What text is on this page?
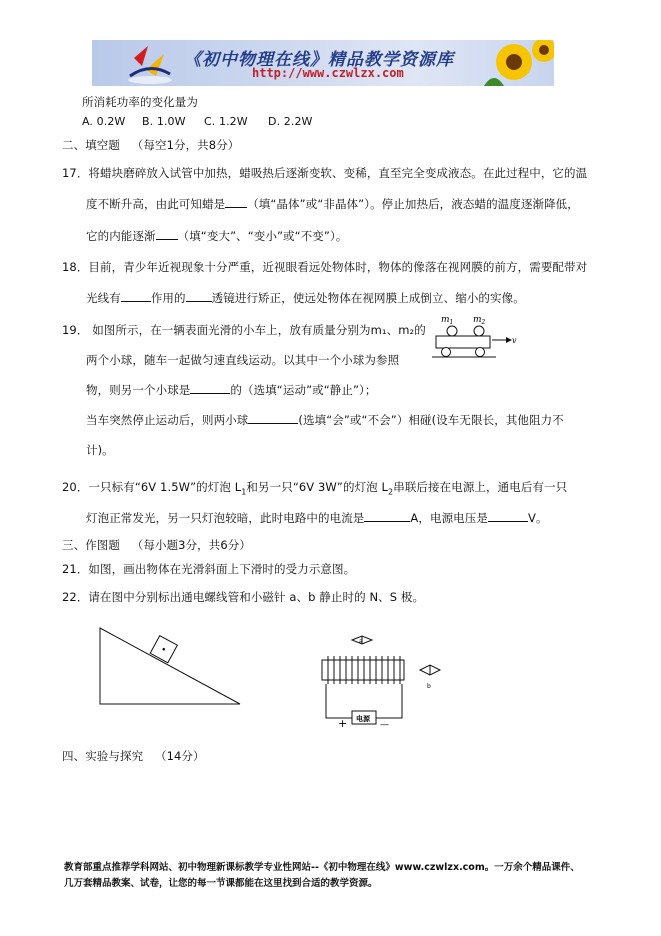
《初中物理在线》精品教学资源库
http://www.czwlzx.com
所消耗功率的变化量为
A. 0.2W B. 1.0W C. 1.2W D. 2.2W
二、填空题 （每空1分，共8分）
17．将蜡块磨碎放入试管中加热，蜡吸热后逐渐变软、变稀，直至完全变成液态。在此过程中，它的温
度不断升高，由此可知蜡是 （填“晶体”或“非晶体”）。停止加热后，液态蜡的温度逐渐降低，
它的内能逐渐 （填“变大”、“变小”或“不变”）。
18．目前，青少年近视现象十分严重，近视眼看远处物体时，物体的像落在视网膜的前方，需要配带对
光线有	作用的 透镜进行矫正，使远处物体在视网膜上成倒立、缩小的实像。
19． 如图所示，在一辆表面光滑的小车上，放有质量分别为m₁、m₂的
两个小球，随车一起做匀速直线运动。以其中一个小球为参照
物，则另一个小球是	的（选填“运动”或“静止”）；
当车突然停止运动后，则两小球	(选填“会”或“不会”）相碰(设车无限长，其他阻力不
计)。
$m_1$ $m_2$
v
20．一只标有“6V 1.5W”的灯泡 $L_1$和另一只“6V 3W”的灯泡 $L_2$串联后接在电源上，通电后有一只
灯泡正常发光，另一只灯泡较暗，此时电路中的电流是	A，电源电压是	V。
三、作图题 （每小题3分，共6分）
21．如图，画出物体在光滑斜面上下滑时的受力示意图。
22．请在图中分别标出通电螺线管和小磁针 a、b 静止时的 N、S 极。
a
b
电源
+	—
四、实验与探究 （14分）
教育部重点推荐学科网站、初中物理新课标教学专业性网站--《初中物理在线》www.czwlzx.com。一万余个精品课件、
几万套精品教案、试卷，让您的每一节课都能在这里找到合适的教学资源。
